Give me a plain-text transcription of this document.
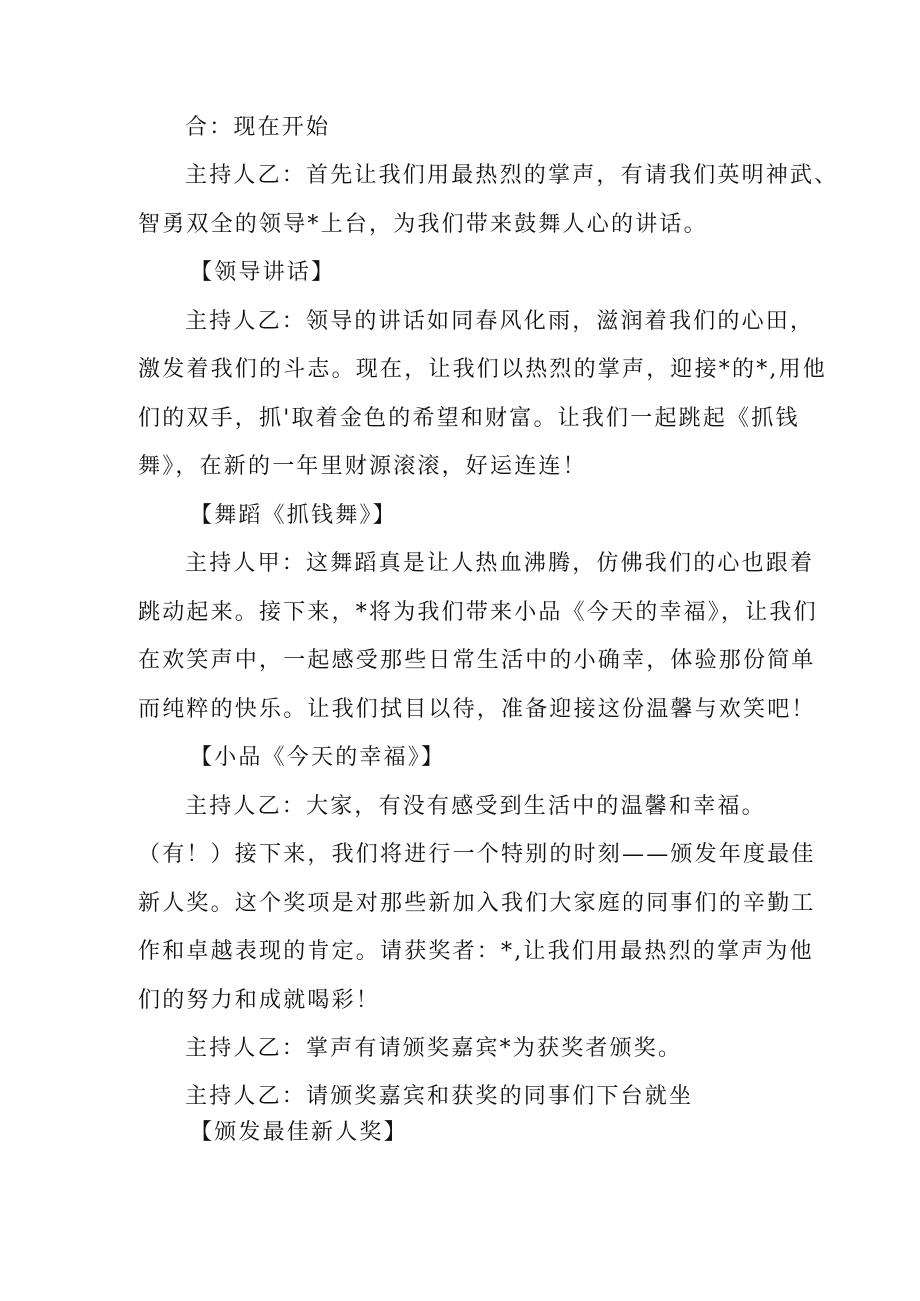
合：现在开始
主持人乙：首先让我们用最热烈的掌声，有请我们英明神武、
智勇双全的领导*上台，为我们带来鼓舞人心的讲话。
【领导讲话】
主持人乙：领导的讲话如同春风化雨，滋润着我们的心田，
激发着我们的斗志。现在，让我们以热烈的掌声，迎接*的*,用他
们的双手，抓'取着金色的希望和财富。让我们一起跳起《抓钱
舞》，在新的一年里财源滚滚，好运连连！
【舞蹈《抓钱舞》】
主持人甲：这舞蹈真是让人热血沸腾，仿佛我们的心也跟着
跳动起来。接下来，*将为我们带来小品《今天的幸福》，让我们
在欢笑声中，一起感受那些日常生活中的小确幸，体验那份简单
而纯粹的快乐。让我们拭目以待，准备迎接这份温馨与欢笑吧！
【小品《今天的幸福》】
主持人乙：大家，有没有感受到生活中的温馨和幸福。
（有！）接下来，我们将进行一个特别的时刻——颁发年度最佳
新人奖。这个奖项是对那些新加入我们大家庭的同事们的辛勤工
作和卓越表现的肯定。请获奖者：*,让我们用最热烈的掌声为他
们的努力和成就喝彩！
主持人乙：掌声有请颁奖嘉宾*为获奖者颁奖。
主持人乙：请颁奖嘉宾和获奖的同事们下台就坐
【颁发最佳新人奖】
